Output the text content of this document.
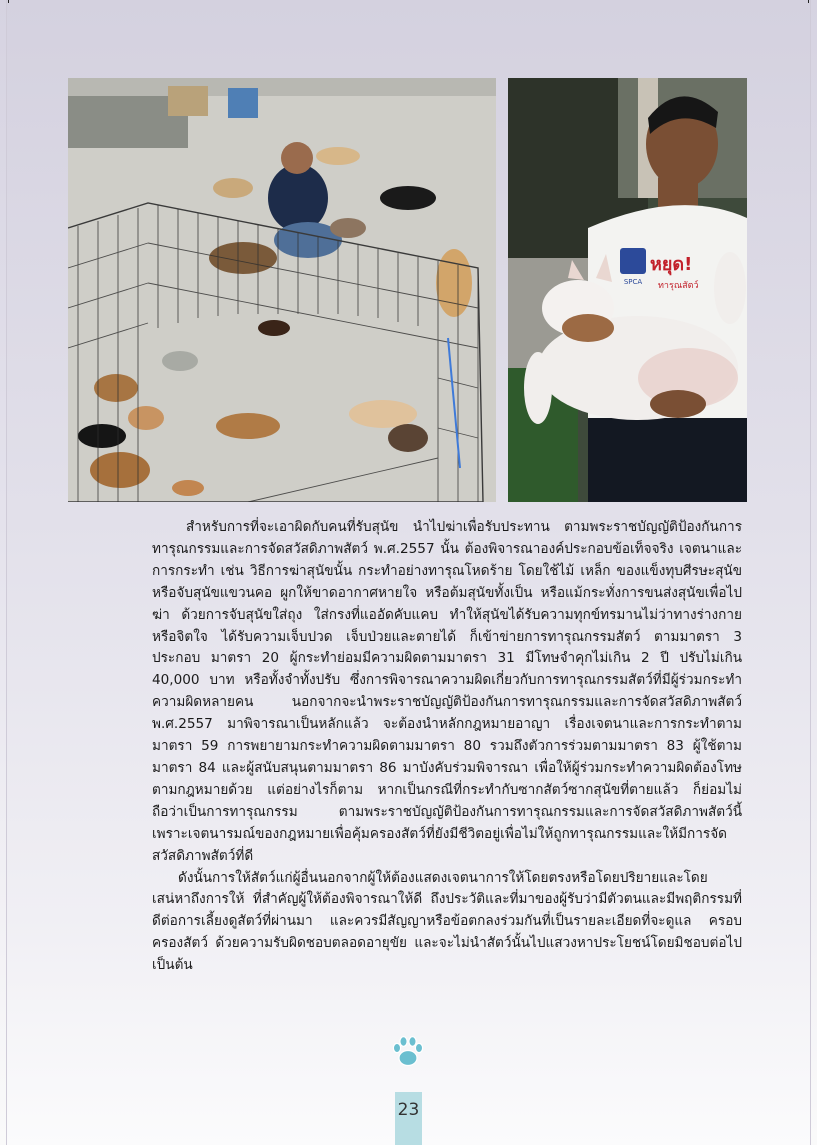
SPCA
หยุด!
ทารุณสัตว์

สำหรับการที่จะเอาผิดกับคนที่รับสุนัข นำไปฆ่าเพื่อรับประทาน ตามพระราชบัญญัติป้องกันการทารุณกรรมและการจัดสวัสดิภาพสัตว์ พ.ศ.2557 นั้น ต้องพิจารณาองค์ประกอบข้อเท็จจริง เจตนาและการกระทำ เช่น วิธีการฆ่าสุนัขนั้น กระทำอย่างทารุณโหดร้าย โดยใช้ไม้ เหล็ก ของแข็งทุบศีรษะสุนัข หรือจับสุนัขแขวนคอ ผูกให้ขาดอากาศหายใจ หรือต้มสุนัขทั้งเป็น หรือแม้กระทั่งการขนส่งสุนัขเพื่อไปฆ่า ด้วยการจับสุนัขใส่ถุง ใส่กรงที่แออัดคับแคบ ทำให้สุนัขได้รับความทุกข์ทรมานไม่ว่าทางร่างกาย หรือจิตใจ ได้รับความเจ็บปวด เจ็บป่วยและตายได้ ก็เข้าข่ายการทารุณกรรมสัตว์ ตามมาตรา 3 ประกอบ มาตรา 20 ผู้กระทำย่อมมีความผิดตามมาตรา 31 มีโทษจำคุกไม่เกิน 2 ปี ปรับไม่เกิน 40,000 บาท หรือทั้งจำทั้งปรับ ซึ่งการพิจารณาความผิดเกี่ยวกับการทารุณกรรมสัตว์ที่มีผู้ร่วมกระทำความผิดหลายคน นอกจากจะนำพระราชบัญญัติป้องกันการทารุณกรรมและการจัดสวัสดิภาพสัตว์ พ.ศ.2557 มาพิจารณาเป็นหลักแล้ว จะต้องนำหลักกฎหมายอาญา เรื่องเจตนาและการกระทำตามมาตรา 59 การพยายามกระทำความผิดตามมาตรา 80 รวมถึงตัวการร่วมตามมาตรา 83 ผู้ใช้ตามมาตรา 84 และผู้สนับสนุนตามมาตรา 86 มาบังคับร่วมพิจารณา เพื่อให้ผู้ร่วมกระทำความผิดต้องโทษตามกฎหมายด้วย แต่อย่างไรก็ตาม หากเป็นกรณีที่กระทำกับซากสัตว์ซากสุนัขที่ตายแล้ว ก็ย่อมไม่ถือว่าเป็นการทารุณกรรม ตามพระราชบัญญัติป้องกันการทารุณกรรมและการจัดสวัสดิภาพสัตว์นี้ เพราะเจตนารมณ์ของกฎหมายเพื่อคุ้มครองสัตว์ที่ยังมีชีวิตอยู่เพื่อไม่ให้ถูกทารุณกรรมและให้มีการจัดสวัสดิภาพสัตว์ที่ดี

ดังนั้นการให้สัตว์แก่ผู้อื่นนอกจากผู้ให้ต้องแสดงเจตนาการให้โดยตรงหรือโดยปริยายและโดยเสน่หาถึงการให้ ที่สำคัญผู้ให้ต้องพิจารณาให้ดี ถึงประวัติและที่มาของผู้รับว่ามีตัวตนและมีพฤติกรรมที่ดีต่อการเลี้ยงดูสัตว์ที่ผ่านมา และควรมีสัญญาหรือข้อตกลงร่วมกันที่เป็นรายละเอียดที่จะดูแล ครอบครองสัตว์ ด้วยความรับผิดชอบตลอดอายุขัย และจะไม่นำสัตว์นั้นไปแสวงหาประโยชน์โดยมิชอบต่อไป เป็นต้น

23
